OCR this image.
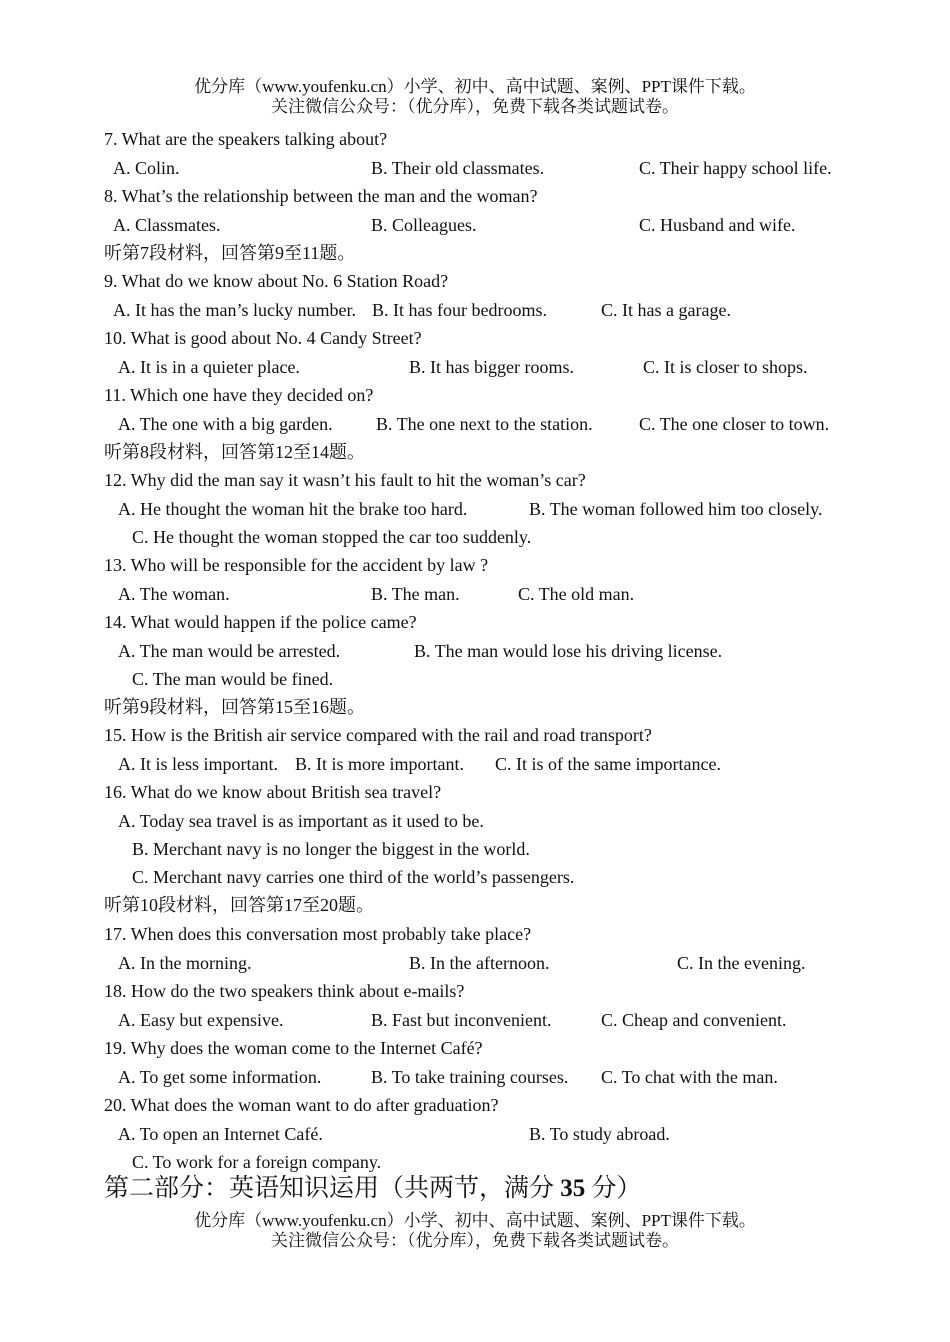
优分库（www.youfenku.cn）小学、初中、高中试题、案例、PPT课件下载。
关注微信公众号：（优分库），免费下载各类试题试卷。
7. What are the speakers talking about?
A. Colin.	B. Their old classmates.	C. Their happy school life.
8. What’s the relationship between the man and the woman?
A. Classmates.	B. Colleagues.	C. Husband and wife.
听第7段材料，回答第9至11题。
9. What do we know about No. 6 Station Road?
A. It has the man’s lucky number. B. It has four bedrooms.	C. It has a garage.
10. What is good about No. 4 Candy Street?
A. It is in a quieter place.	B. It has bigger rooms.	C. It is closer to shops.
11. Which one have they decided on?
A. The one with a big garden. B. The one next to the station.	C. The one closer to town.
听第8段材料，回答第12至14题。
12. Why did the man say it wasn’t his fault to hit the woman’s car?
A. He thought the woman hit the brake too hard.	B. The woman followed him too closely.
C. He thought the woman stopped the car too suddenly.
13. Who will be responsible for the accident by law ?
A. The woman.	B. The man.	C. The old man.
14. What would happen if the police came?
A. The man would be arrested.	B. The man would lose his driving license.
C. The man would be fined.
听第9段材料，回答第15至16题。
15. How is the British air service compared with the rail and road transport?
A. It is less important. B. It is more important. C. It is of the same importance.
16. What do we know about British sea travel?
A. Today sea travel is as important as it used to be.
B. Merchant navy is no longer the biggest in the world.
C. Merchant navy carries one third of the world’s passengers.
听第10段材料，回答第17至20题。
17. When does this conversation most probably take place?
A. In the morning.	B. In the afternoon.	C. In the evening.
18. How do the two speakers think about e-mails?
A. Easy but expensive.	B. Fast but inconvenient.	C. Cheap and convenient.
19. Why does the woman come to the Internet Café?
A. To get some information.	B. To take training courses. C. To chat with the man.
20. What does the woman want to do after graduation?
A. To open an Internet Café.	B. To study abroad.
C. To work for a foreign company.
第二部分：英语知识运用（共两节，满分 35 分）
优分库（www.youfenku.cn）小学、初中、高中试题、案例、PPT课件下载。
关注微信公众号：（优分库），免费下载各类试题试卷。
